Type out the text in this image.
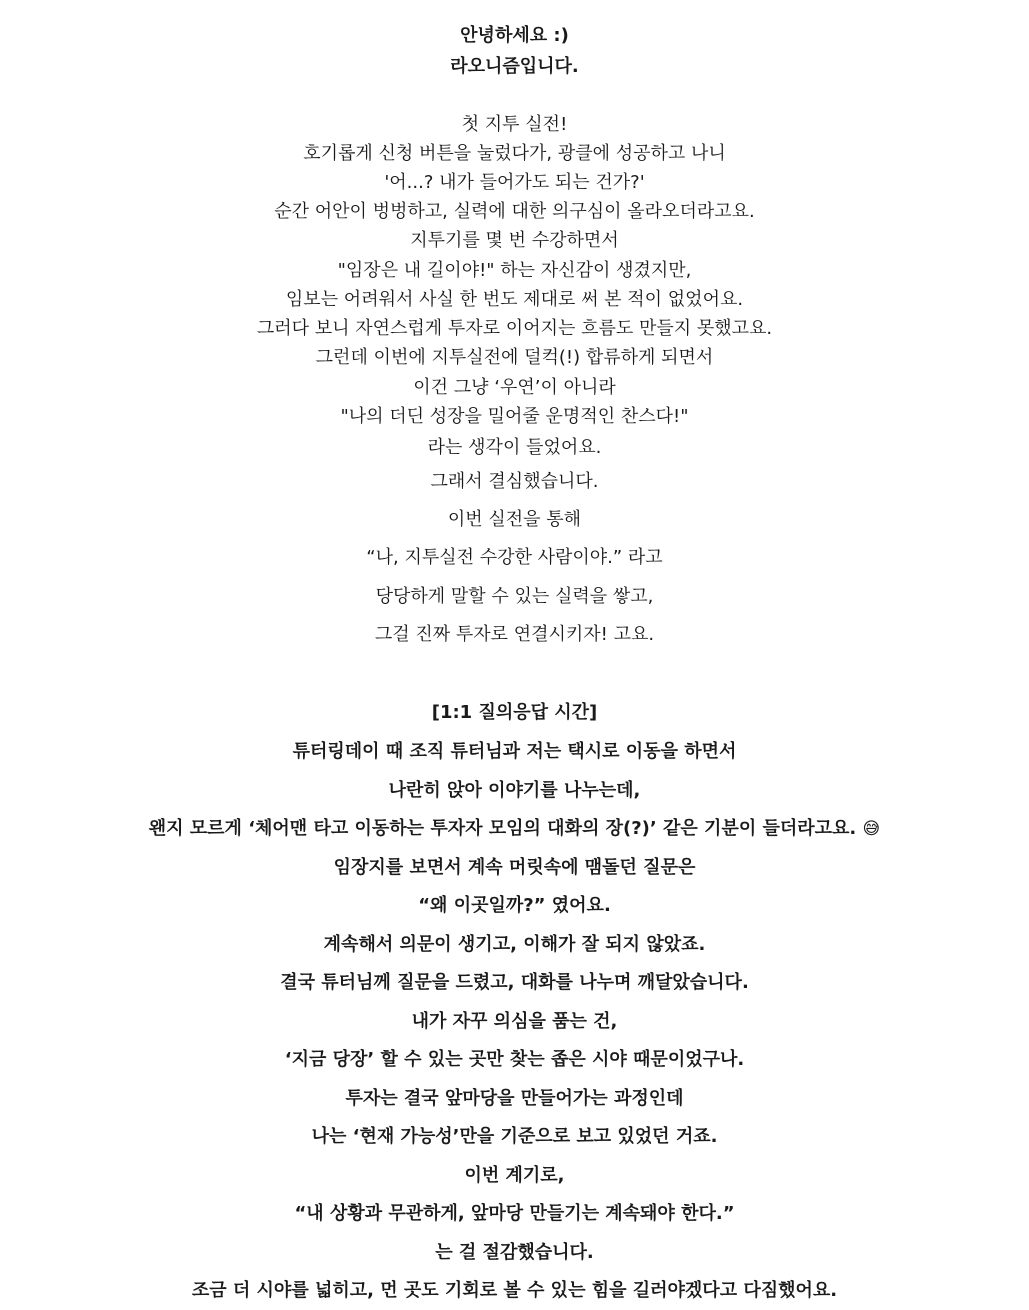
안녕하세요 :)
라오니즘입니다.
첫 지투 실전!
호기롭게 신청 버튼을 눌렀다가, 광클에 성공하고 나니
'어...? 내가 들어가도 되는 건가?'
순간 어안이 벙벙하고, 실력에 대한 의구심이 올라오더라고요.
지투기를 몇 번 수강하면서
"임장은 내 길이야!" 하는 자신감이 생겼지만,
임보는 어려워서 사실 한 번도 제대로 써 본 적이 없었어요.
그러다 보니 자연스럽게 투자로 이어지는 흐름도 만들지 못했고요.
그런데 이번에 지투실전에 덜컥(!) 합류하게 되면서
이건 그냥 ‘우연’이 아니라
"나의 더딘 성장을 밀어줄 운명적인 찬스다!"
라는 생각이 들었어요.
그래서 결심했습니다.
이번 실전을 통해
“나, 지투실전 수강한 사람이야.” 라고
당당하게 말할 수 있는 실력을 쌓고,
그걸 진짜 투자로 연결시키자! 고요.
[1:1 질의응답 시간]
튜터링데이 때 조직 튜터님과 저는 택시로 이동을 하면서
나란히 앉아 이야기를 나누는데,
왠지 모르게 ‘체어맨 타고 이동하는 투자자 모임의 대화의 장(?)’ 같은 기분이 들더라고요. 😅
임장지를 보면서 계속 머릿속에 맴돌던 질문은
“왜 이곳일까?” 였어요.
계속해서 의문이 생기고, 이해가 잘 되지 않았죠.
결국 튜터님께 질문을 드렸고, 대화를 나누며 깨달았습니다.
내가 자꾸 의심을 품는 건,
‘지금 당장’ 할 수 있는 곳만 찾는 좁은 시야 때문이었구나.
투자는 결국 앞마당을 만들어가는 과정인데
나는 ‘현재 가능성’만을 기준으로 보고 있었던 거죠.
이번 계기로,
“내 상황과 무관하게, 앞마당 만들기는 계속돼야 한다.”
는 걸 절감했습니다.
조금 더 시야를 넓히고, 먼 곳도 기회로 볼 수 있는 힘을 길러야겠다고 다짐했어요.
